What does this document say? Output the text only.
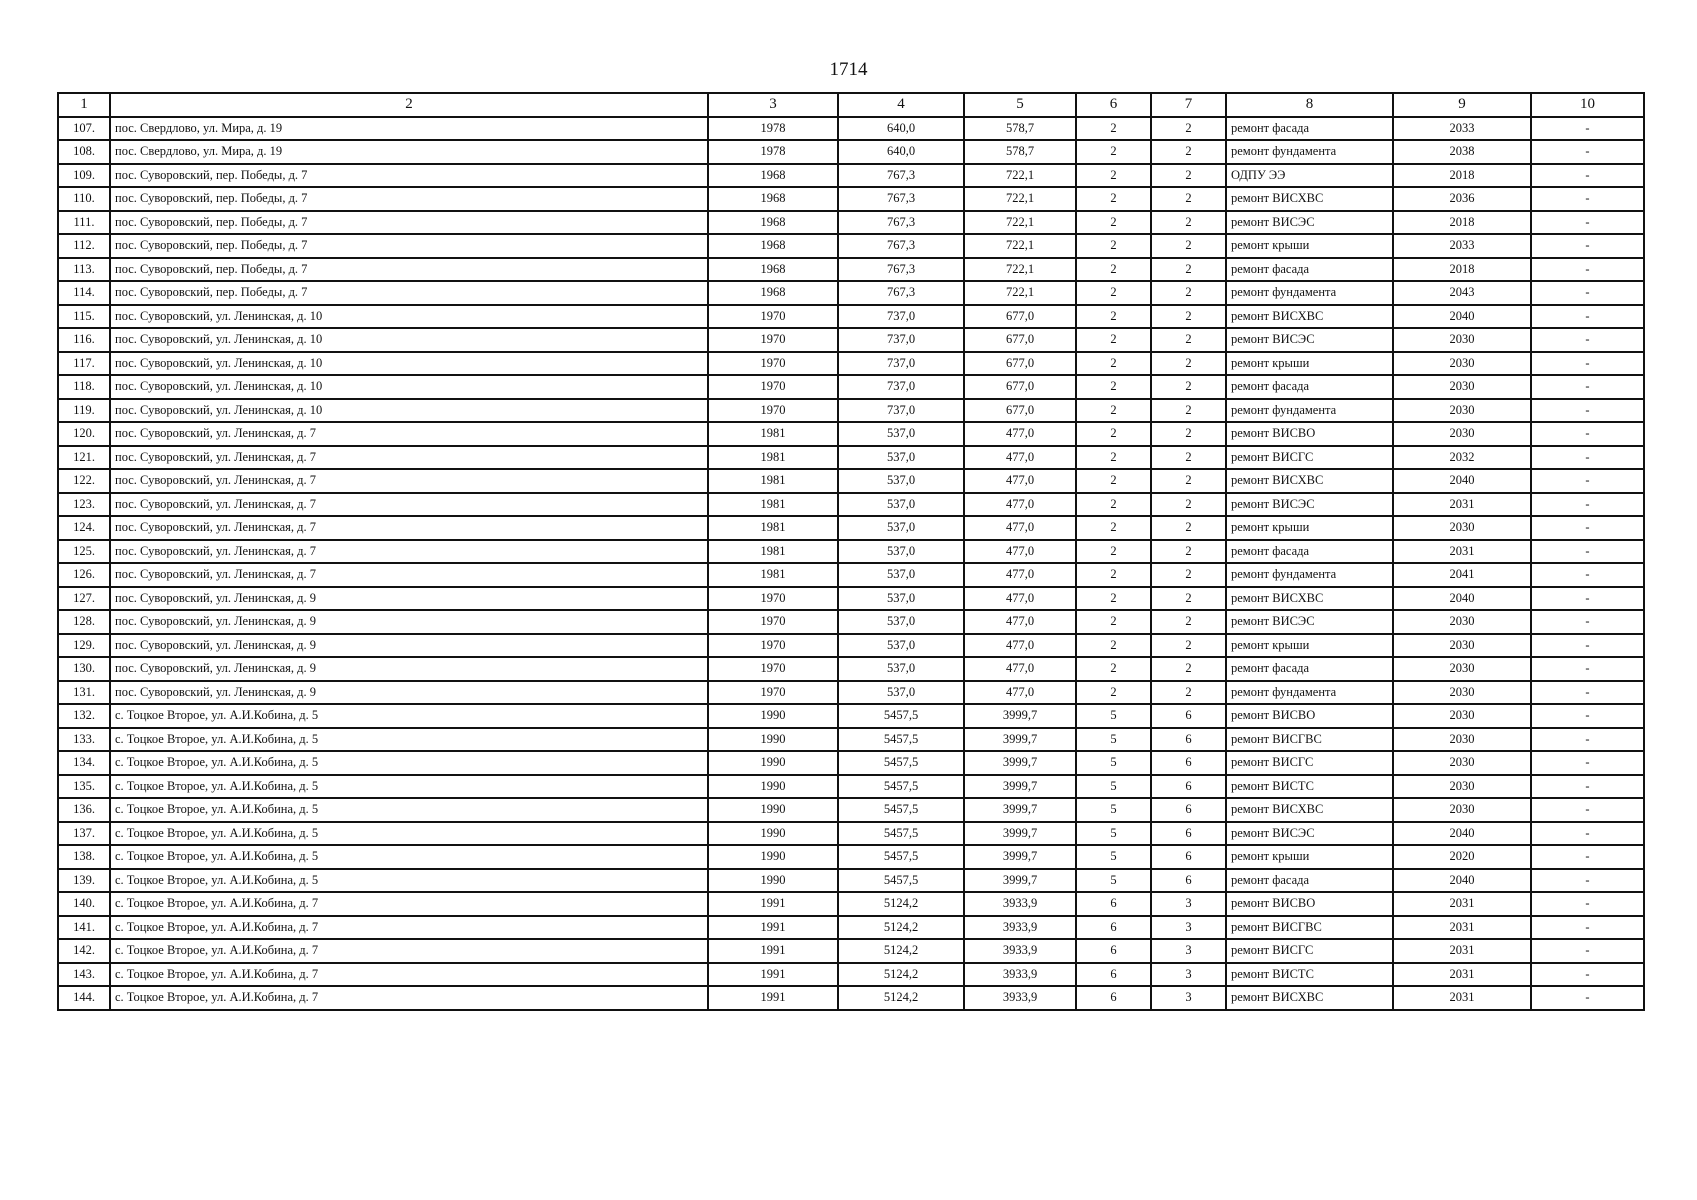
1714
1	2	3	4	5	6	7	8	9	10
107.	пос. Свердлово, ул. Мира, д. 19	1978	640,0	578,7	2	2	ремонт фасада	2033	-
108.	пос. Свердлово, ул. Мира, д. 19	1978	640,0	578,7	2	2	ремонт фундамента	2038	-
109.	пос. Суворовский, пер. Победы, д. 7	1968	767,3	722,1	2	2	ОДПУ ЭЭ	2018	-
110.	пос. Суворовский, пер. Победы, д. 7	1968	767,3	722,1	2	2	ремонт ВИСХВС	2036	-
111.	пос. Суворовский, пер. Победы, д. 7	1968	767,3	722,1	2	2	ремонт ВИСЭС	2018	-
112.	пос. Суворовский, пер. Победы, д. 7	1968	767,3	722,1	2	2	ремонт крыши	2033	-
113.	пос. Суворовский, пер. Победы, д. 7	1968	767,3	722,1	2	2	ремонт фасада	2018	-
114.	пос. Суворовский, пер. Победы, д. 7	1968	767,3	722,1	2	2	ремонт фундамента	2043	-
115.	пос. Суворовский, ул. Ленинская, д. 10	1970	737,0	677,0	2	2	ремонт ВИСХВС	2040	-
116.	пос. Суворовский, ул. Ленинская, д. 10	1970	737,0	677,0	2	2	ремонт ВИСЭС	2030	-
117.	пос. Суворовский, ул. Ленинская, д. 10	1970	737,0	677,0	2	2	ремонт крыши	2030	-
118.	пос. Суворовский, ул. Ленинская, д. 10	1970	737,0	677,0	2	2	ремонт фасада	2030	-
119.	пос. Суворовский, ул. Ленинская, д. 10	1970	737,0	677,0	2	2	ремонт фундамента	2030	-
120.	пос. Суворовский, ул. Ленинская, д. 7	1981	537,0	477,0	2	2	ремонт ВИСВО	2030	-
121.	пос. Суворовский, ул. Ленинская, д. 7	1981	537,0	477,0	2	2	ремонт ВИСГС	2032	-
122.	пос. Суворовский, ул. Ленинская, д. 7	1981	537,0	477,0	2	2	ремонт ВИСХВС	2040	-
123.	пос. Суворовский, ул. Ленинская, д. 7	1981	537,0	477,0	2	2	ремонт ВИСЭС	2031	-
124.	пос. Суворовский, ул. Ленинская, д. 7	1981	537,0	477,0	2	2	ремонт крыши	2030	-
125.	пос. Суворовский, ул. Ленинская, д. 7	1981	537,0	477,0	2	2	ремонт фасада	2031	-
126.	пос. Суворовский, ул. Ленинская, д. 7	1981	537,0	477,0	2	2	ремонт фундамента	2041	-
127.	пос. Суворовский, ул. Ленинская, д. 9	1970	537,0	477,0	2	2	ремонт ВИСХВС	2040	-
128.	пос. Суворовский, ул. Ленинская, д. 9	1970	537,0	477,0	2	2	ремонт ВИСЭС	2030	-
129.	пос. Суворовский, ул. Ленинская, д. 9	1970	537,0	477,0	2	2	ремонт крыши	2030	-
130.	пос. Суворовский, ул. Ленинская, д. 9	1970	537,0	477,0	2	2	ремонт фасада	2030	-
131.	пос. Суворовский, ул. Ленинская, д. 9	1970	537,0	477,0	2	2	ремонт фундамента	2030	-
132.	с. Тоцкое Второе, ул. А.И.Кобина, д. 5	1990	5457,5	3999,7	5	6	ремонт ВИСВО	2030	-
133.	с. Тоцкое Второе, ул. А.И.Кобина, д. 5	1990	5457,5	3999,7	5	6	ремонт ВИСГВС	2030	-
134.	с. Тоцкое Второе, ул. А.И.Кобина, д. 5	1990	5457,5	3999,7	5	6	ремонт ВИСГС	2030	-
135.	с. Тоцкое Второе, ул. А.И.Кобина, д. 5	1990	5457,5	3999,7	5	6	ремонт ВИСТС	2030	-
136.	с. Тоцкое Второе, ул. А.И.Кобина, д. 5	1990	5457,5	3999,7	5	6	ремонт ВИСХВС	2030	-
137.	с. Тоцкое Второе, ул. А.И.Кобина, д. 5	1990	5457,5	3999,7	5	6	ремонт ВИСЭС	2040	-
138.	с. Тоцкое Второе, ул. А.И.Кобина, д. 5	1990	5457,5	3999,7	5	6	ремонт крыши	2020	-
139.	с. Тоцкое Второе, ул. А.И.Кобина, д. 5	1990	5457,5	3999,7	5	6	ремонт фасада	2040	-
140.	с. Тоцкое Второе, ул. А.И.Кобина, д. 7	1991	5124,2	3933,9	6	3	ремонт ВИСВО	2031	-
141.	с. Тоцкое Второе, ул. А.И.Кобина, д. 7	1991	5124,2	3933,9	6	3	ремонт ВИСГВС	2031	-
142.	с. Тоцкое Второе, ул. А.И.Кобина, д. 7	1991	5124,2	3933,9	6	3	ремонт ВИСГС	2031	-
143.	с. Тоцкое Второе, ул. А.И.Кобина, д. 7	1991	5124,2	3933,9	6	3	ремонт ВИСТС	2031	-
144.	с. Тоцкое Второе, ул. А.И.Кобина, д. 7	1991	5124,2	3933,9	6	3	ремонт ВИСХВС	2031	-
